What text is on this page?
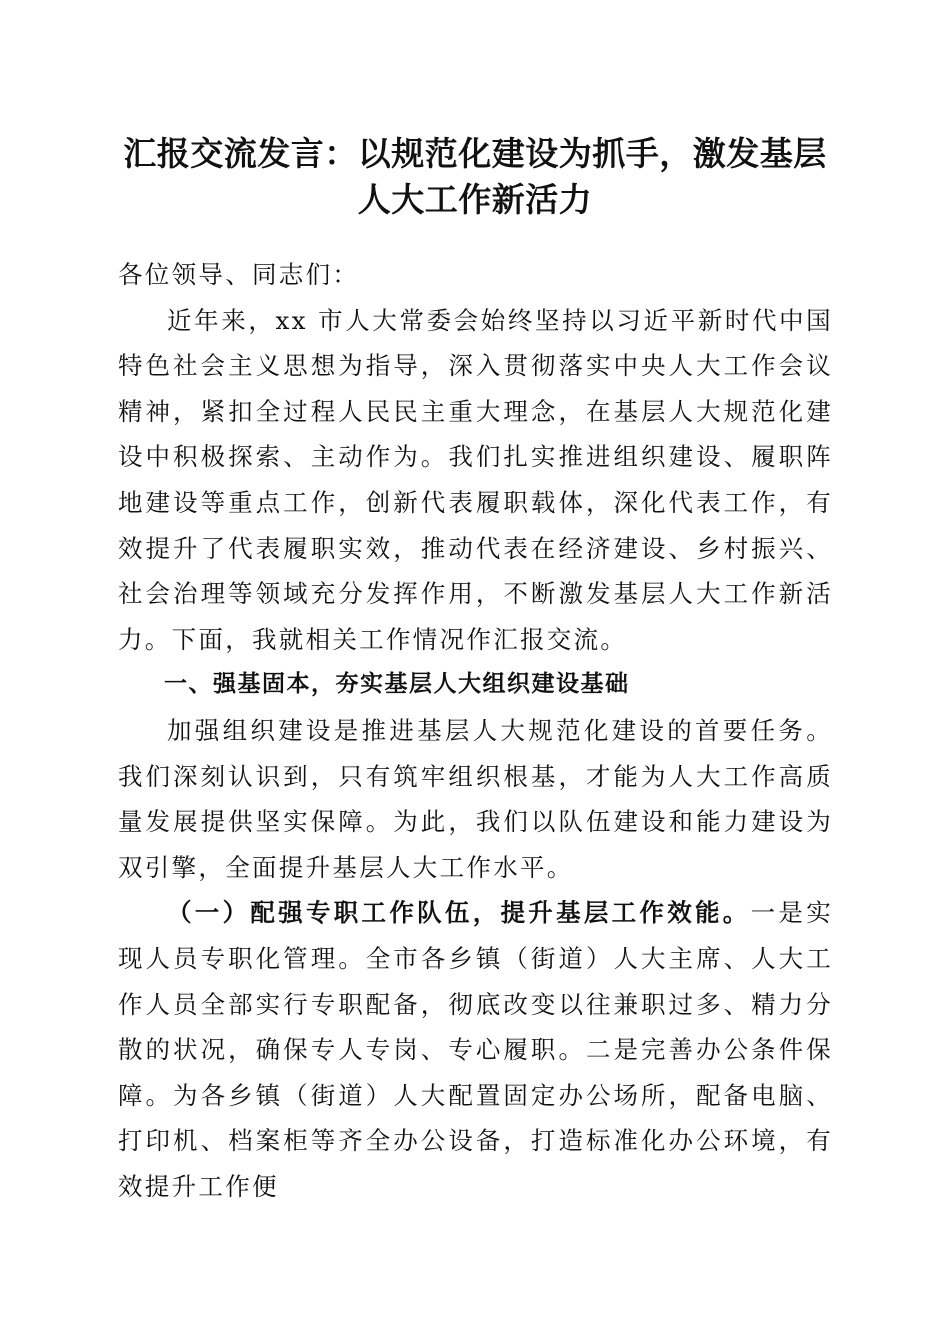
汇报交流发言：以规范化建设为抓手，激发基层人大工作新活力

各位领导、同志们：

近年来，xx 市人大常委会始终坚持以习近平新时代中国特色社会主义思想为指导，深入贯彻落实中央人大工作会议精神，紧扣全过程人民民主重大理念，在基层人大规范化建设中积极探索、主动作为。我们扎实推进组织建设、履职阵地建设等重点工作，创新代表履职载体，深化代表工作，有效提升了代表履职实效，推动代表在经济建设、乡村振兴、社会治理等领域充分发挥作用，不断激发基层人大工作新活力。下面，我就相关工作情况作汇报交流。

一、强基固本，夯实基层人大组织建设基础

加强组织建设是推进基层人大规范化建设的首要任务。我们深刻认识到，只有筑牢组织根基，才能为人大工作高质量发展提供坚实保障。为此，我们以队伍建设和能力建设为双引擎，全面提升基层人大工作水平。

（一）配强专职工作队伍，提升基层工作效能。一是实现人员专职化管理。全市各乡镇（街道）人大主席、人大工作人员全部实行专职配备，彻底改变以往兼职过多、精力分散的状况，确保专人专岗、专心履职。二是完善办公条件保障。为各乡镇（街道）人大配置固定办公场所，配备电脑、打印机、档案柜等齐全办公设备，打造标准化办公环境，有效提升工作便
